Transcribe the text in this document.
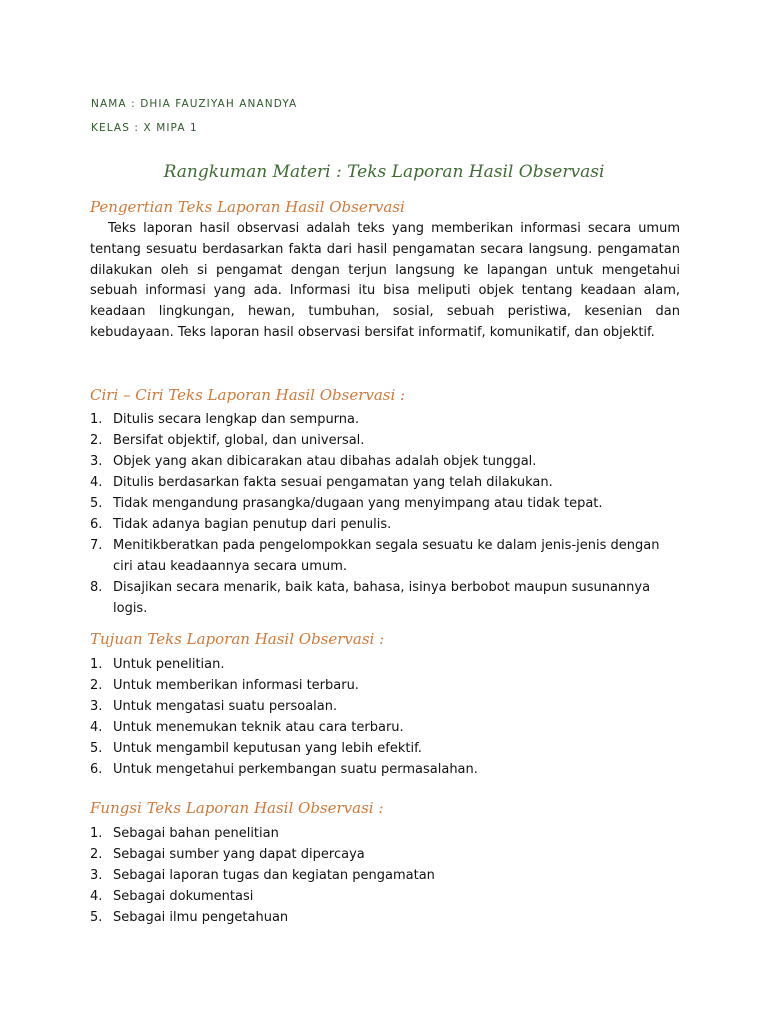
NAMA : DHIA FAUZIYAH ANANDYA
KELAS : X MIPA 1
Rangkuman Materi : Teks Laporan Hasil Observasi
Pengertian Teks Laporan Hasil Observasi

Teks laporan hasil observasi adalah teks yang memberikan informasi secara umum tentang sesuatu berdasarkan fakta dari hasil pengamatan secara langsung. pengamatan dilakukan oleh si pengamat dengan terjun langsung ke lapangan untuk mengetahui sebuah informasi yang ada. Informasi itu bisa meliputi objek tentang keadaan alam, keadaan lingkungan, hewan, tumbuhan, sosial, sebuah peristiwa, kesenian dan kebudayaan. Teks laporan hasil observasi bersifat informatif, komunikatif, dan objektif.

Ciri – Ciri Teks Laporan Hasil Observasi :
1. Ditulis secara lengkap dan sempurna.
2. Bersifat objektif, global, dan universal.
3. Objek yang akan dibicarakan atau dibahas adalah objek tunggal.
4. Ditulis berdasarkan fakta sesuai pengamatan yang telah dilakukan.
5. Tidak mengandung prasangka/dugaan yang menyimpang atau tidak tepat.
6. Tidak adanya bagian penutup dari penulis.
7. Menitikberatkan pada pengelompokkan segala sesuatu ke dalam jenis-jenis dengan ciri atau keadaannya secara umum.
8. Disajikan secara menarik, baik kata, bahasa, isinya berbobot maupun susunannya logis.
Tujuan Teks Laporan Hasil Observasi :
1. Untuk penelitian.
2. Untuk memberikan informasi terbaru.
3. Untuk mengatasi suatu persoalan.
4. Untuk menemukan teknik atau cara terbaru.
5. Untuk mengambil keputusan yang lebih efektif.
6. Untuk mengetahui perkembangan suatu permasalahan.
Fungsi Teks Laporan Hasil Observasi :
1. Sebagai bahan penelitian
2. Sebagai sumber yang dapat dipercaya
3. Sebagai laporan tugas dan kegiatan pengamatan
4. Sebagai dokumentasi
5. Sebagai ilmu pengetahuan
